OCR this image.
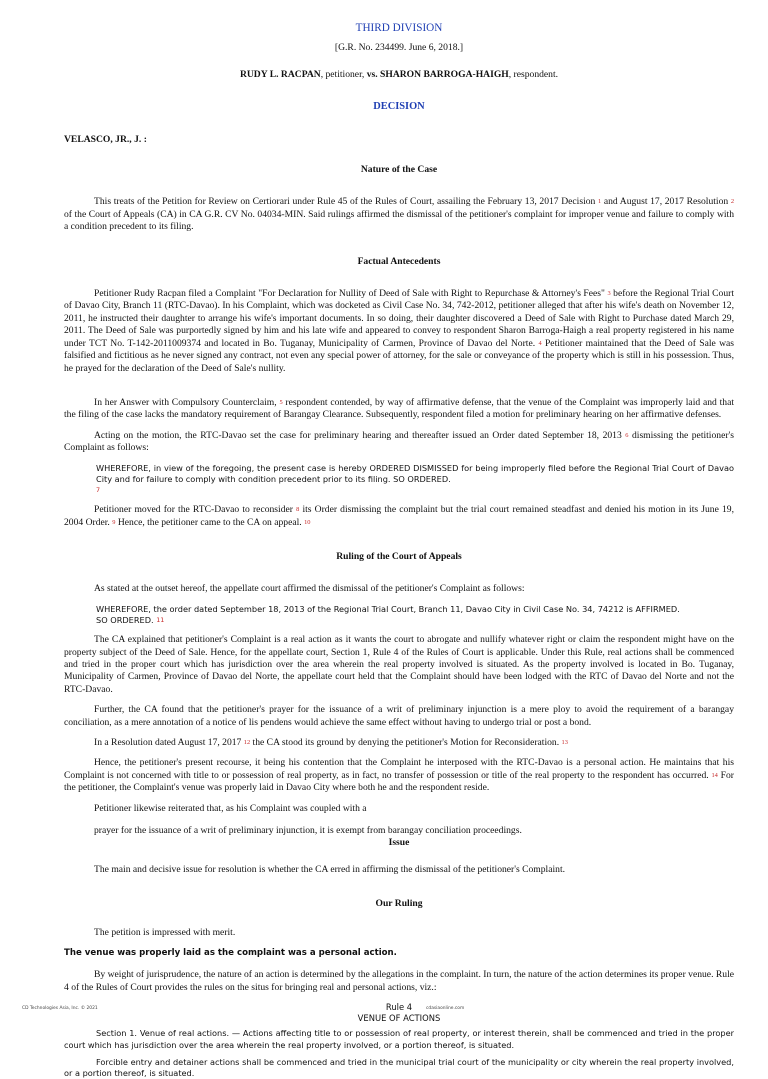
THIRD DIVISION
[G.R. No. 234499. June 6, 2018.]
RUDY L. RACPAN, petitioner, vs. SHARON BARROGA-HAIGH, respondent.
DECISION
VELASCO, JR., J. :
Nature of the Case

This treats of the Petition for Review on Certiorari under Rule 45 of the Rules of Court, assailing the February 13, 2017 Decision 1 and August 17, 2017 Resolution 2 of the Court of Appeals (CA) in CA G.R. CV No. 04034-MIN. Said rulings affirmed the dismissal of the petitioner's complaint for improper venue and failure to comply with a condition precedent to its filing.

Factual Antecedents

Petitioner Rudy Racpan filed a Complaint "For Declaration for Nullity of Deed of Sale with Right to Repurchase & Attorney's Fees" 3 before the Regional Trial Court of Davao City, Branch 11 (RTC-Davao). In his Complaint, which was docketed as Civil Case No. 34, 742-2012, petitioner alleged that after his wife's death on November 12, 2011, he instructed their daughter to arrange his wife's important documents. In so doing, their daughter discovered a Deed of Sale with Right to Purchase dated March 29, 2011. The Deed of Sale was purportedly signed by him and his late wife and appeared to convey to respondent Sharon Barroga-Haigh a real property registered in his name under TCT No. T-142-2011009374 and located in Bo. Tuganay, Municipality of Carmen, Province of Davao del Norte. 4 Petitioner maintained that the Deed of Sale was falsified and fictitious as he never signed any contract, not even any special power of attorney, for the sale or conveyance of the property which is still in his possession. Thus, he prayed for the declaration of the Deed of Sale's nullity.

In her Answer with Compulsory Counterclaim, 5 respondent contended, by way of affirmative defense, that the venue of the Complaint was improperly laid and that the filing of the case lacks the mandatory requirement of Barangay Clearance. Subsequently, respondent filed a motion for preliminary hearing on her affirmative defenses.

Acting on the motion, the RTC-Davao set the case for preliminary hearing and thereafter issued an Order dated September 18, 2013 6 dismissing the petitioner's Complaint as follows:

WHEREFORE, in view of the foregoing, the present case is hereby ORDERED DISMISSED for being improperly filed before the Regional Trial Court of Davao City and for failure to comply with condition precedent prior to its filing. SO ORDERED.7

Petitioner moved for the RTC-Davao to reconsider 8 its Order dismissing the complaint but the trial court remained steadfast and denied his motion in its June 19, 2004 Order. 9 Hence, the petitioner came to the CA on appeal. 10

Ruling of the Court of Appeals

As stated at the outset hereof, the appellate court affirmed the dismissal of the petitioner's Complaint as follows:

WHEREFORE, the order dated September 18, 2013 of the Regional Trial Court, Branch 11, Davao City in Civil Case No. 34, 74212 is AFFIRMED.

SO ORDERED. 11

The CA explained that petitioner's Complaint is a real action as it wants the court to abrogate and nullify whatever right or claim the respondent might have on the property subject of the Deed of Sale. Hence, for the appellate court, Section 1, Rule 4 of the Rules of Court is applicable. Under this Rule, real actions shall be commenced and tried in the proper court which has jurisdiction over the area wherein the real property involved is situated. As the property involved is located in Bo. Tuganay, Municipality of Carmen, Province of Davao del Norte, the appellate court held that the Complaint should have been lodged with the RTC of Davao del Norte and not the RTC-Davao.

Further, the CA found that the petitioner's prayer for the issuance of a writ of preliminary injunction is a mere ploy to avoid the requirement of a barangay conciliation, as a mere annotation of a notice of lis pendens would achieve the same effect without having to undergo trial or post a bond.

In a Resolution dated August 17, 2017 12 the CA stood its ground by denying the petitioner's Motion for Reconsideration. 13

Hence, the petitioner's present recourse, it being his contention that the Complaint he interposed with the RTC-Davao is a personal action. He maintains that his Complaint is not concerned with title to or possession of real property, as in fact, no transfer of possession or title of the real property to the respondent has occurred. 14 For the petitioner, the Complaint's venue was properly laid in Davao City where both he and the respondent reside.

Petitioner likewise reiterated that, as his Complaint was coupled with a

prayer for the issuance of a writ of preliminary injunction, it is exempt from barangay conciliation proceedings.

Issue

The main and decisive issue for resolution is whether the CA erred in affirming the dismissal of the petitioner's Complaint.

Our Ruling

The petition is impressed with merit.

The venue was properly laid as the complaint was a personal action.

By weight of jurisprudence, the nature of an action is determined by the allegations in the complaint. In turn, the nature of the action determines its proper venue. Rule 4 of the Rules of Court provides the rules on the situs for bringing real and personal actions, viz.:

Rule 4
VENUE OF ACTIONS

Section 1. Venue of real actions. — Actions affecting title to or possession of real property, or interest therein, shall be commenced and tried in the proper court which has jurisdiction over the area wherein the real property involved, or a portion thereof, is situated.

Forcible entry and detainer actions shall be commenced and tried in the municipal trial court of the municipality or city wherein the real property involved, or a portion thereof, is situated.

CD Technologies Asia, Inc. © 2021	cdasiaonline.com
